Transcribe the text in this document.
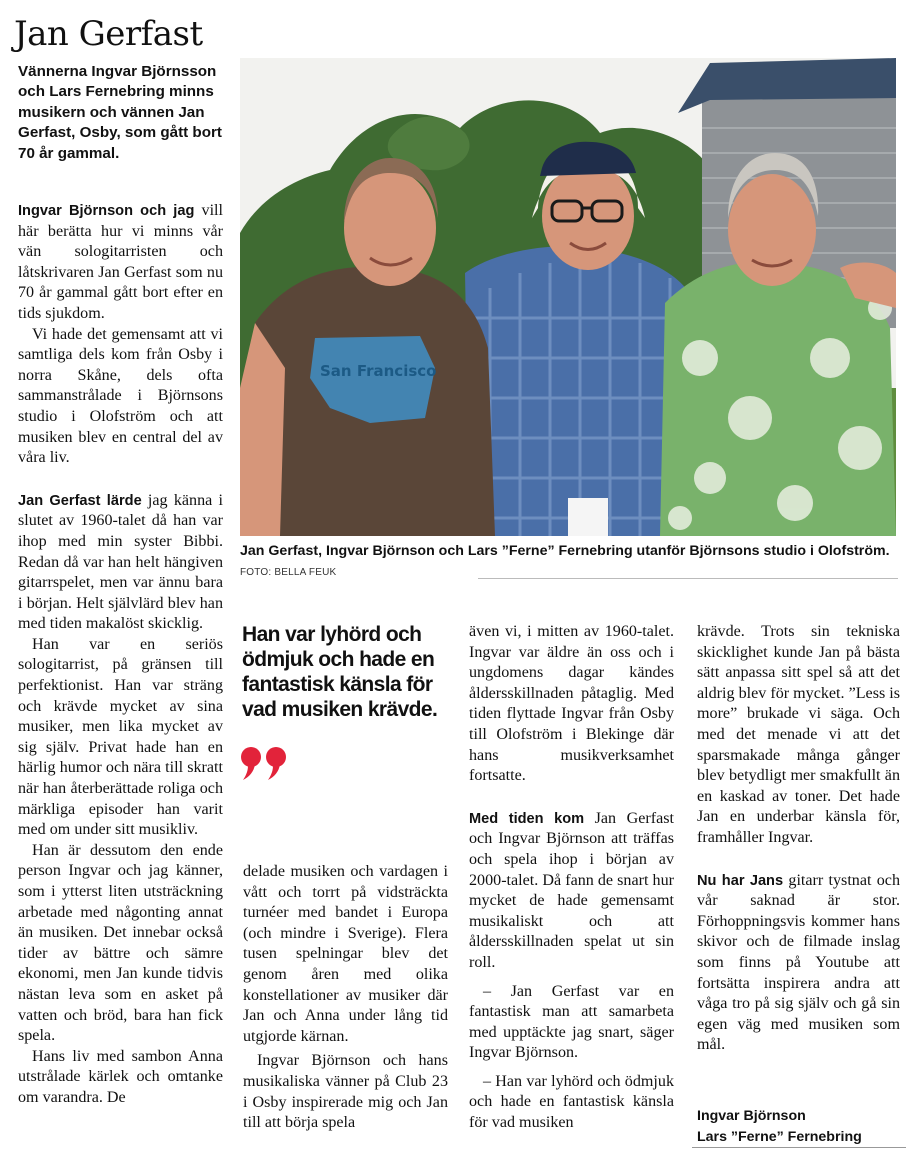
Jan Gerfast

Vännerna Ingvar Björnsson och Lars Fernebring minns musikern och vännen Jan Gerfast, Osby, som gått bort 70 år gammal.

Ingvar Björnson och jag vill här berätta hur vi minns vår vän sologitarristen och låtskrivaren Jan Gerfast som nu 70 år gammal gått bort efter en tids sjukdom.

Vi hade det gemensamt att vi samtliga dels kom från Osby i norra Skåne, dels ofta sammanstrålade i Björnsons studio i Olofström och att musiken blev en central del av våra liv.

Jan Gerfast lärde jag känna i slutet av 1960-talet då han var ihop med min syster Bibbi. Redan då var han helt hängiven gitarrspelet, men var ännu bara i början. Helt självlärd blev han med tiden makalöst skicklig.

Han var en seriös sologitarrist, på gränsen till perfektionist. Han var sträng och krävde mycket av sina musiker, men lika mycket av sig själv. Privat hade han en härlig humor och nära till skratt när han återberättade roliga och märkliga episoder han varit med om under sitt musikliv.

Han är dessutom den ende person Ingvar och jag känner, som i ytterst liten utsträckning arbetade med någonting annat än musiken. Det innebar också tider av bättre och sämre ekonomi, men Jan kunde tidvis nästan leva som en asket på vatten och bröd, bara han fick spela.

Hans liv med sambon Anna utstrålade kärlek och omtanke om varandra. De

San Francisco
Jan Gerfast, Ingvar Björnson och Lars ”Ferne” Fernebring utanför Björnsons studio i Olofström. FOTO: BELLA FEUK

Han var lyhörd och ödmjuk och hade en fantastisk känsla för vad musiken krävde.

delade musiken och vardagen i vått och torrt på vidsträckta turnéer med bandet i Europa (och mindre i Sverige). Flera tusen spelningar blev det genom åren med olika konstellationer av musiker där Jan och Anna under lång tid utgjorde kärnan.

Ingvar Björnson och hans musikaliska vänner på Club 23 i Osby inspirerade mig och Jan till att börja spela

även vi, i mitten av 1960-talet. Ingvar var äldre än oss och i ungdomens dagar kändes åldersskillnaden påtaglig. Med tiden flyttade Ingvar från Osby till Olofström i Blekinge där hans musikverksamhet fortsatte.

Med tiden kom Jan Gerfast och Ingvar Björnson att träffas och spela ihop i början av 2000-talet. Då fann de snart hur mycket de hade gemensamt musikaliskt och att åldersskillnaden spelat ut sin roll.

– Jan Gerfast var en fantastisk man att samarbeta med upptäckte jag snart, säger Ingvar Björnson.

– Han var lyhörd och ödmjuk och hade en fantastisk känsla för vad musiken

krävde. Trots sin tekniska skicklighet kunde Jan på bästa sätt anpassa sitt spel så att det aldrig blev för mycket. ”Less is more” brukade vi säga. Och med det menade vi att det sparsmakade många gånger blev betydligt mer smakfullt än en kaskad av toner. Det hade Jan en underbar känsla för, framhåller Ingvar.

Nu har Jans gitarr tystnat och vår saknad är stor. Förhoppningsvis kommer hans skivor och de filmade inslag som finns på Youtube att fortsätta inspirera andra att våga tro på sig själv och gå sin egen väg med musiken som mål.

Ingvar Björnson
Lars ”Ferne” Fernebring
